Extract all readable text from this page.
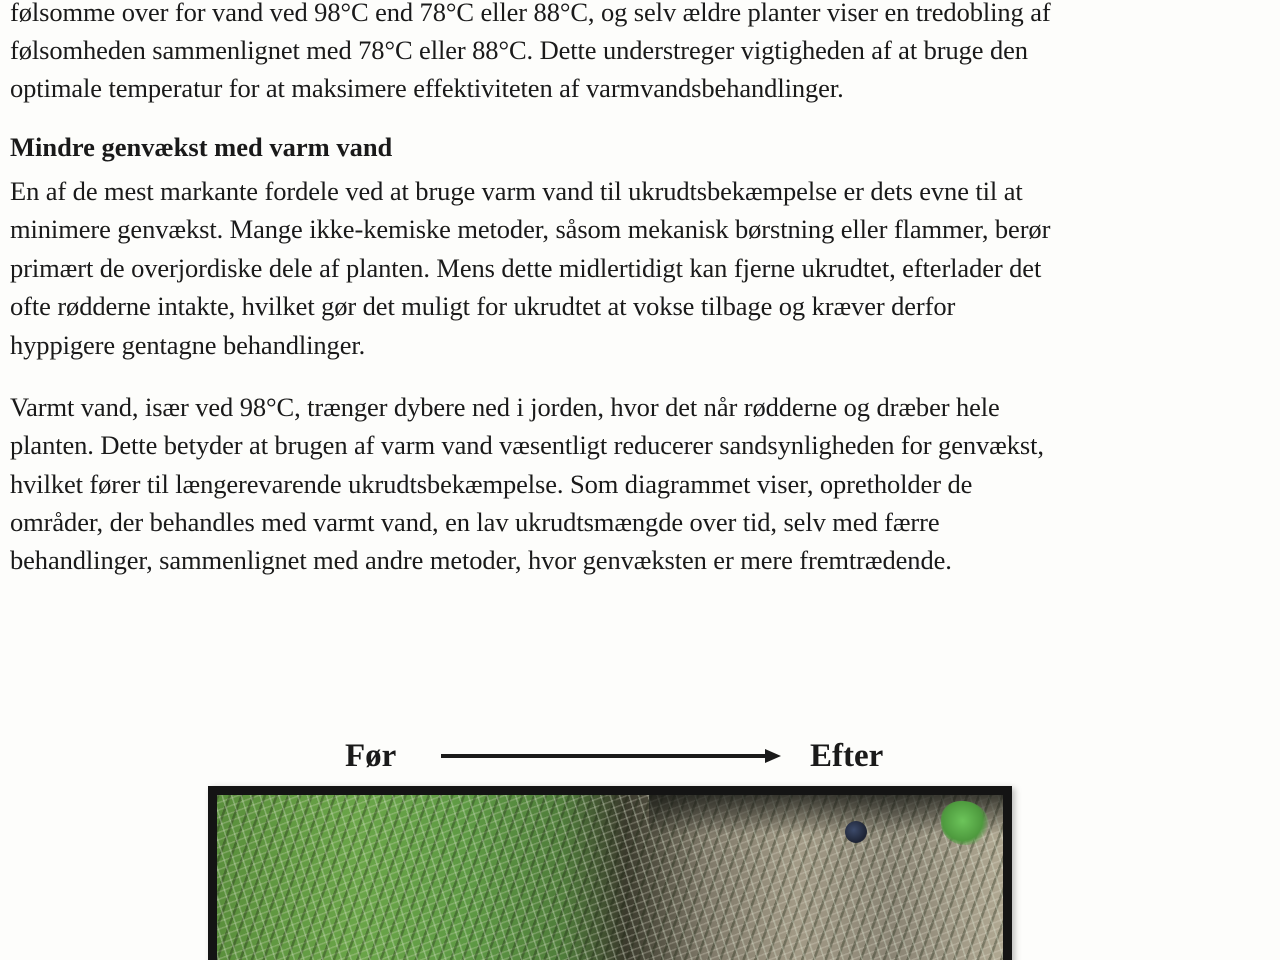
følsomme over for vand ved 98°C end 78°C eller 88°C, og selv ældre planter viser en tredobling af
følsomheden sammenlignet med 78°C eller 88°C. Dette understreger vigtigheden af at bruge den
optimale temperatur for at maksimere effektiviteten af varmvandsbehandlinger.
Mindre genvækst med varm vand
En af de mest markante fordele ved at bruge varm vand til ukrudtsbekæmpelse er dets evne til at
minimere genvækst. Mange ikke-kemiske metoder, såsom mekanisk børstning eller flammer, berør
primært de overjordiske dele af planten. Mens dette midlertidigt kan fjerne ukrudtet, efterlader det
ofte rødderne intakte, hvilket gør det muligt for ukrudtet at vokse tilbage og kræver derfor
hyppigere gentagne behandlinger.
Varmt vand, især ved 98°C, trænger dybere ned i jorden, hvor det når rødderne og dræber hele
planten. Dette betyder at brugen af varm vand væsentligt reducerer sandsynligheden for genvækst,
hvilket fører til længerevarende ukrudtsbekæmpelse. Som diagrammet viser, opretholder de
områder, der behandles med varmt vand, en lav ukrudtsmængde over tid, selv med færre
behandlinger, sammenlignet med andre metoder, hvor genvæksten er mere fremtrædende.
Før	Efter
